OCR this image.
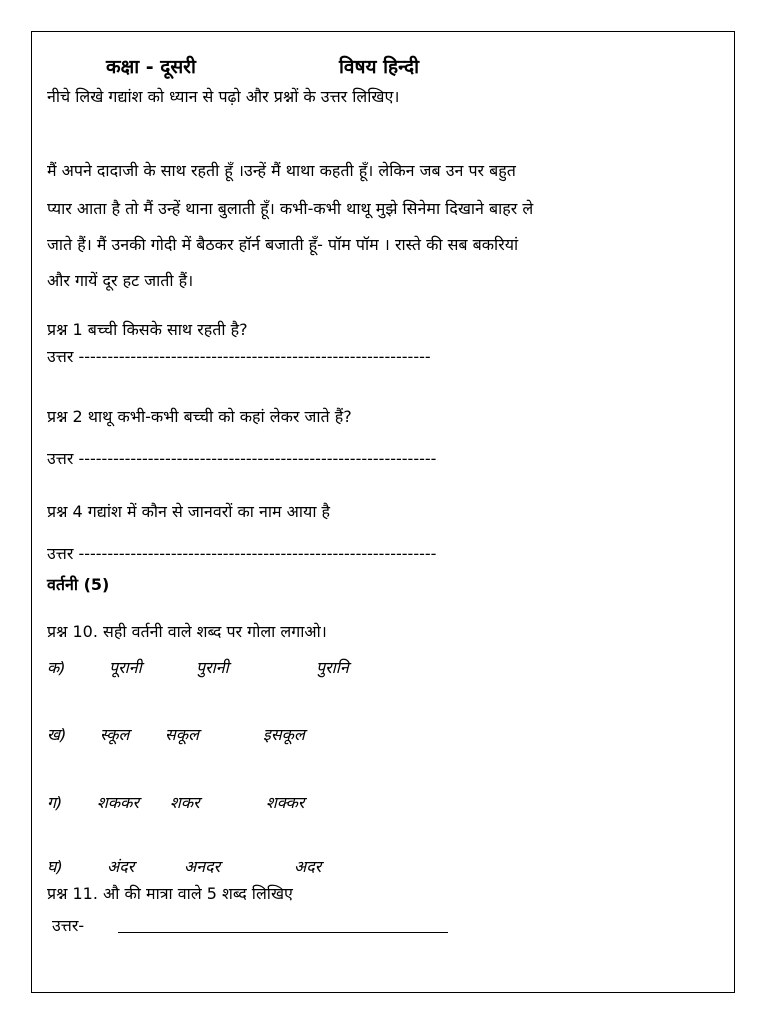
कक्षा - दूसरी	विषय हिन्दी
नीचे लिखे गद्यांश को ध्यान से पढ़ो और प्रश्नों के उत्तर लिखिए।
मैं अपने दादाजी के साथ रहती हूँ ।उन्हें मैं थाथा कहती हूँ। लेकिन जब उन पर बहुत
प्यार आता है तो मैं उन्हें थाना बुलाती हूँ। कभी-कभी थाथू मुझे सिनेमा दिखाने बाहर ले
जाते हैं। मैं उनकी गोदी में बैठकर हॉर्न बजाती हूँ- पॉम पॉम । रास्ते की सब बकरियां
और गायें दूर हट जाती हैं।
प्रश्न 1 बच्ची किसके साथ रहती है?
उत्तर -------------------------------------------------------------
प्रश्न 2 थाथू कभी-कभी बच्ची को कहां लेकर जाते हैं?
उत्तर --------------------------------------------------------------
प्रश्न 4 गद्यांश में कौन से जानवरों का नाम आया है
उत्तर --------------------------------------------------------------
वर्तनी (5)
प्रश्न 10. सही वर्तनी वाले शब्द पर गोला लगाओ।
क)	पूरानी	पुरानी	पुरानि
ख) स्कूल सकूल	इसकूल
ग) शककर शकर	शक्कर
घ)	अंदर	अनदर	अदर
प्रश्न 11. औ की मात्रा वाले 5 शब्द लिखिए
उत्तर-
